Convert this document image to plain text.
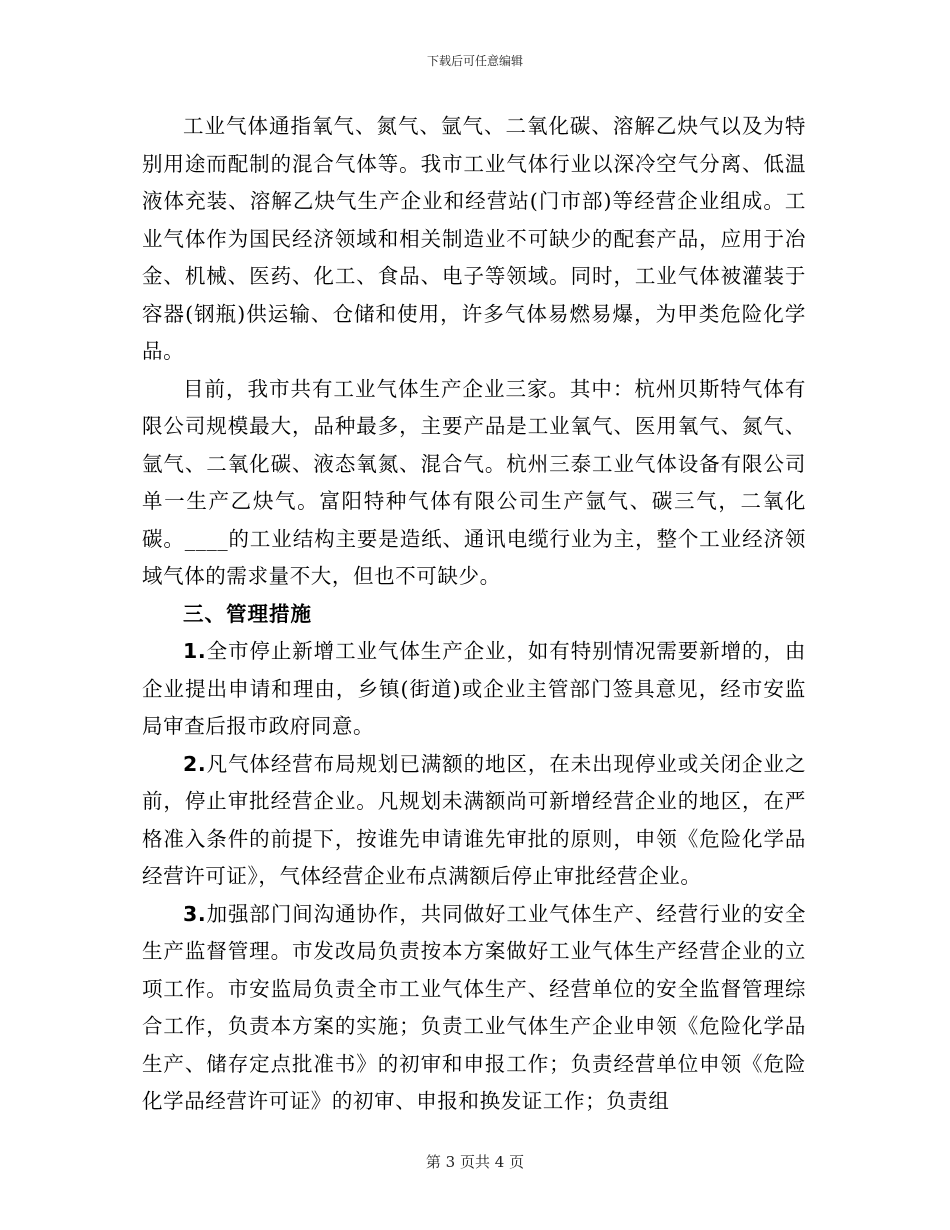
下载后可任意编辑

工业气体通指氧气、氮气、氩气、二氧化碳、溶解乙炔气以及为特别用途而配制的混合气体等。我市工业气体行业以深冷空气分离、低温液体充装、溶解乙炔气生产企业和经营站(门市部)等经营企业组成。工业气体作为国民经济领域和相关制造业不可缺少的配套产品，应用于冶金、机械、医药、化工、食品、电子等领域。同时，工业气体被灌装于容器(钢瓶)供运输、仓储和使用，许多气体易燃易爆，为甲类危险化学品。

目前，我市共有工业气体生产企业三家。其中：杭州贝斯特气体有限公司规模最大，品种最多，主要产品是工业氧气、医用氧气、氮气、氩气、二氧化碳、液态氧氮、混合气。杭州三泰工业气体设备有限公司单一生产乙炔气。富阳特种气体有限公司生产氩气、碳三气，二氧化碳。____的工业结构主要是造纸、通讯电缆行业为主，整个工业经济领域气体的需求量不大，但也不可缺少。

三、管理措施

1.全市停止新增工业气体生产企业，如有特别情况需要新增的，由企业提出申请和理由，乡镇(街道)或企业主管部门签具意见，经市安监局审查后报市政府同意。

2.凡气体经营布局规划已满额的地区，在未出现停业或关闭企业之前，停止审批经营企业。凡规划未满额尚可新增经营企业的地区，在严格准入条件的前提下，按谁先申请谁先审批的原则，申领《危险化学品经营许可证》，气体经营企业布点满额后停止审批经营企业。

3.加强部门间沟通协作，共同做好工业气体生产、经营行业的安全生产监督管理。市发改局负责按本方案做好工业气体生产经营企业的立项工作。市安监局负责全市工业气体生产、经营单位的安全监督管理综合工作，负责本方案的实施；负责工业气体生产企业申领《危险化学品生产、储存定点批准书》的初审和申报工作；负责经营单位申领《危险化学品经营许可证》的初审、申报和换发证工作；负责组

第 3 页共 4 页
